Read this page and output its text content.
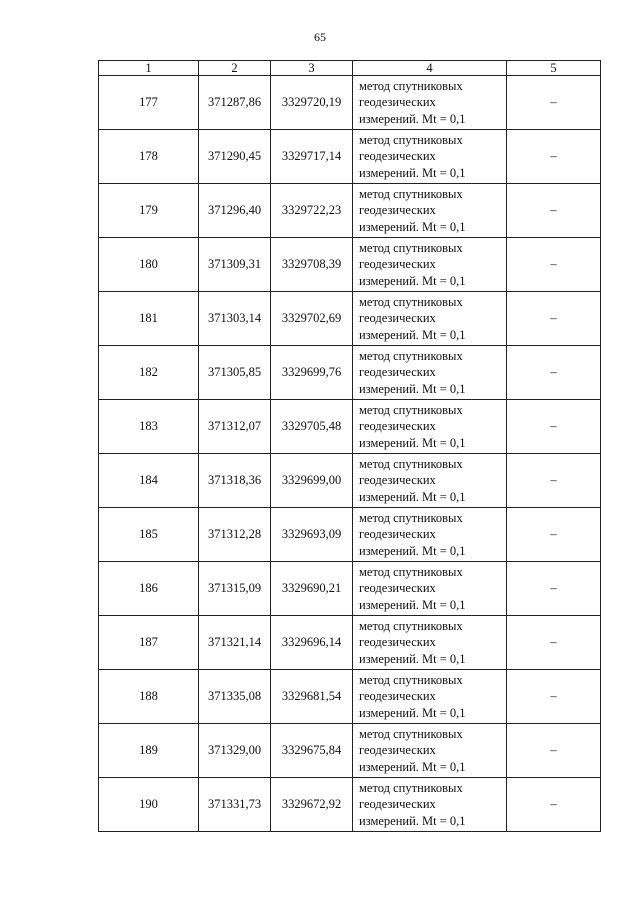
65
1	2	3	4	5
177	371287,86	3329720,19	метод спутниковых
геодезических
измерений. Mt = 0,1	–
178	371290,45	3329717,14	метод спутниковых
геодезических
измерений. Mt = 0,1	–
179	371296,40	3329722,23	метод спутниковых
геодезических
измерений. Mt = 0,1	–
180	371309,31	3329708,39	метод спутниковых
геодезических
измерений. Mt = 0,1	–
181	371303,14	3329702,69	метод спутниковых
геодезических
измерений. Mt = 0,1	–
182	371305,85	3329699,76	метод спутниковых
геодезических
измерений. Mt = 0,1	–
183	371312,07	3329705,48	метод спутниковых
геодезических
измерений. Mt = 0,1	–
184	371318,36	3329699,00	метод спутниковых
геодезических
измерений. Mt = 0,1	–
185	371312,28	3329693,09	метод спутниковых
геодезических
измерений. Mt = 0,1	–
186	371315,09	3329690,21	метод спутниковых
геодезических
измерений. Mt = 0,1	–
187	371321,14	3329696,14	метод спутниковых
геодезических
измерений. Mt = 0,1	–
188	371335,08	3329681,54	метод спутниковых
геодезических
измерений. Mt = 0,1	–
189	371329,00	3329675,84	метод спутниковых
геодезических
измерений. Mt = 0,1	–
190	371331,73	3329672,92	метод спутниковых
геодезических
измерений. Mt = 0,1	–
